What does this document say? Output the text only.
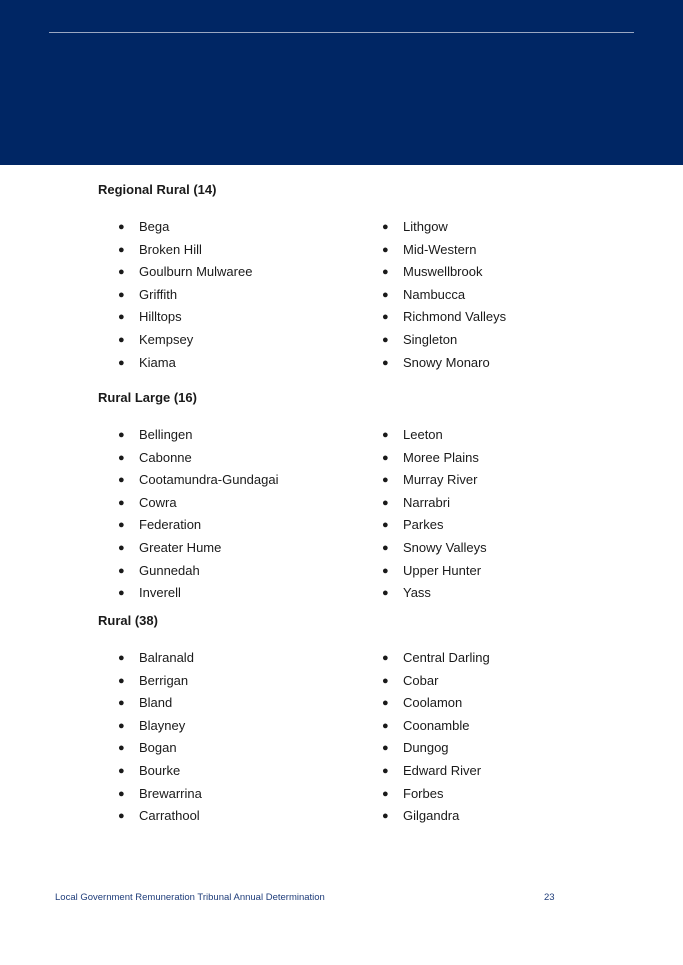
Regional Rural (14)
● Bega
● Broken Hill
● Goulburn Mulwaree
● Griffith
● Hilltops
● Kempsey
● Kiama
● Lithgow
● Mid-Western
● Muswellbrook
● Nambucca
● Richmond Valleys
● Singleton
● Snowy Monaro
Rural Large (16)
● Bellingen
● Cabonne
● Cootamundra-Gundagai
● Cowra
● Federation
● Greater Hume
● Gunnedah
● Inverell
● Leeton
● Moree Plains
● Murray River
● Narrabri
● Parkes
● Snowy Valleys
● Upper Hunter
● Yass
Rural (38)
● Balranald
● Berrigan
● Bland
● Blayney
● Bogan
● Bourke
● Brewarrina
● Carrathool
● Central Darling
● Cobar
● Coolamon
● Coonamble
● Dungog
● Edward River
● Forbes
● Gilgandra
Local Government Remuneration Tribunal Annual Determination	23
